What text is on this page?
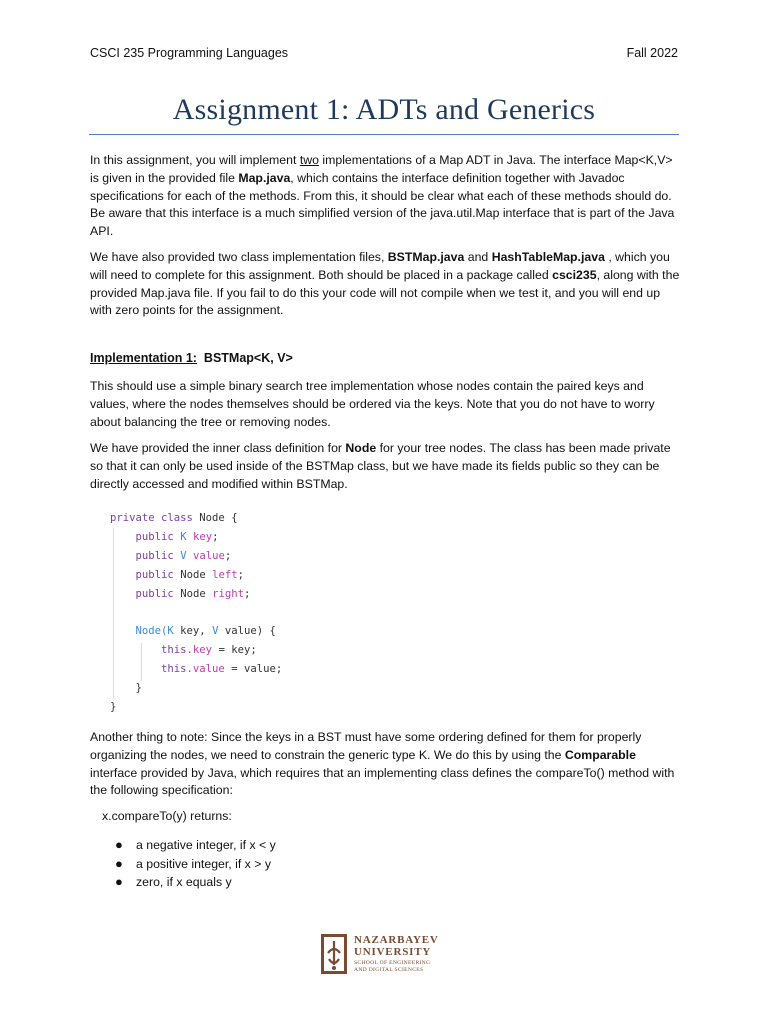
CSCI 235 Programming Languages	Fall 2022
Assignment 1: ADTs and Generics
In this assignment, you will implement two implementations of a Map ADT in Java. The interface Map<K,V> is given in the provided file Map.java, which contains the interface definition together with Javadoc specifications for each of the methods. From this, it should be clear what each of these methods should do. Be aware that this interface is a much simplified version of the java.util.Map interface that is part of the Java API.
We have also provided two class implementation files, BSTMap.java and HashTableMap.java , which you will need to complete for this assignment. Both should be placed in a package called csci235, along with the provided Map.java file. If you fail to do this your code will not compile when we test it, and you will end up with zero points for the assignment.
Implementation 1: BSTMap<K, V>
This should use a simple binary search tree implementation whose nodes contain the paired keys and values, where the nodes themselves should be ordered via the keys. Note that you do not have to worry about balancing the tree or removing nodes.
We have provided the inner class definition for Node for your tree nodes. The class has been made private so that it can only be used inside of the BSTMap class, but we have made its fields public so they can be directly accessed and modified within BSTMap.
private class Node {
public K key;
public V value;
public Node left;
public Node right;

Node(K key, V value) {
this.key = key;
this.value = value;
}
}
Another thing to note: Since the keys in a BST must have some ordering defined for them for properly organizing the nodes, we need to constrain the generic type K. We do this by using the Comparable interface provided by Java, which requires that an implementing class defines the compareTo() method with the following specification:
x.compareTo(y) returns:
● a negative integer, if x < y
● a positive integer, if x > y
● zero, if x equals y
NAZARBAYEV
UNIVERSITY
SCHOOL OF ENGINEERING
AND DIGITAL SCIENCES
